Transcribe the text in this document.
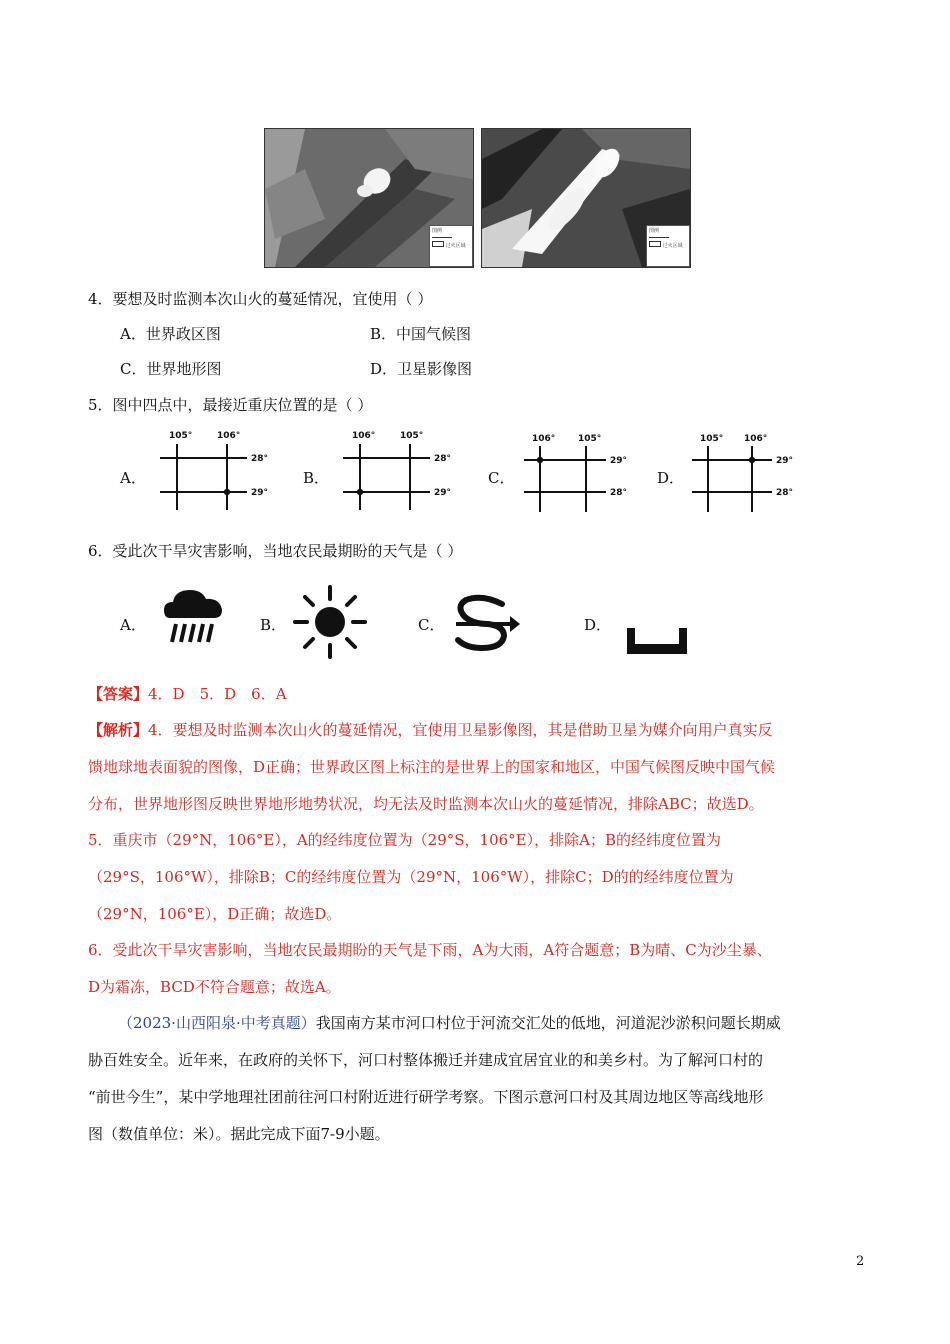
图例
过火区域
图例
过火区域
4．要想及时监测本次山火的蔓延情况，宜使用（ ）
A．世界政区图	B．中国气候图
C．世界地形图	D．卫星影像图
5．图中四点中，最接近重庆位置的是（ ）
A．
105°	106°
28°
29°
B．
106°	105°
28°
29°
C．
106°	105°
29°
28°
D．
105° 106°
29°
28°
6．受此次干旱灾害影响，当地农民最期盼的天气是（ ）
A．	B．	C．	D．
【答案】4．D　5．D　6．A
【解析】4．要想及时监测本次山火的蔓延情况，宜使用卫星影像图，其是借助卫星为媒介向用户真实反
馈地球地表面貌的图像，D正确；世界政区图上标注的是世界上的国家和地区，中国气候图反映中国气候
分布，世界地形图反映世界地形地势状况，均无法及时监测本次山火的蔓延情况，排除ABC；故选D。
5．重庆市（29°N，106°E），A的经纬度位置为（29°S，106°E），排除A；B的经纬度位置为
（29°S，106°W），排除B；C的经纬度位置为（29°N，106°W），排除C；D的的经纬度位置为
（29°N，106°E），D正确；故选D。
6．受此次干旱灾害影响，当地农民最期盼的天气是下雨，A为大雨，A符合题意；B为晴、C为沙尘暴、
D为霜冻，BCD不符合题意；故选A。
（2023·山西阳泉·中考真题）我国南方某市河口村位于河流交汇处的低地，河道泥沙淤积问题长期威
胁百姓安全。近年来，在政府的关怀下，河口村整体搬迁并建成宜居宜业的和美乡村。为了解河口村的
“前世今生”，某中学地理社团前往河口村附近进行研学考察。下图示意河口村及其周边地区等高线地形
图（数值单位：米）。据此完成下面7-9小题。
2
